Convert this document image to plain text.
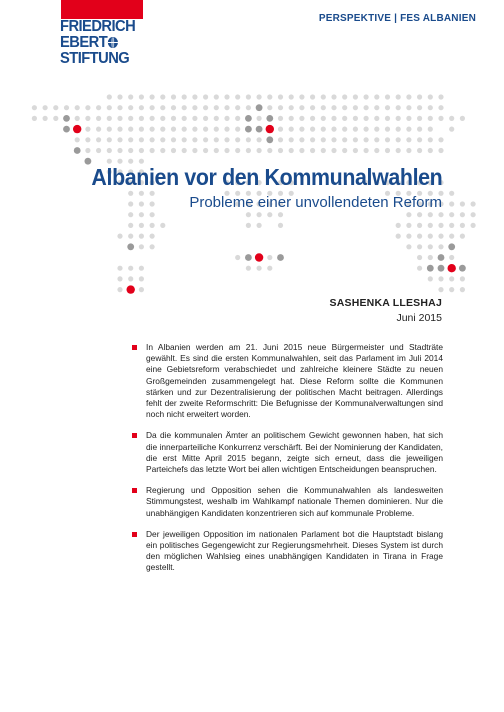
FRIEDRICH
EBERT
STIFTUNG
PERSPEKTIVE | FES ALBANIEN
Albanien vor den Kommunalwahlen
Probleme einer unvollendeten Reform
SASHENKA LLESHAJ
Juni 2015
In Albanien werden am 21. Juni 2015 neue Bürgermeister und Stadträte gewählt. Es sind die ersten Kommunalwahlen, seit das Parlament im Juli 2014 eine Gebietsreform verabschiedet und zahlreiche kleinere Städte zu neuen Großgemeinden zusammengelegt hat. Diese Reform sollte die Kommunen stärken und zur Dezentralisierung der politischen Macht beitragen. Allerdings fehlt der zweite Reformschritt: Die Befugnisse der Kommunalverwaltungen sind noch nicht erweitert worden.
Da die kommunalen Ämter an politischem Gewicht gewonnen haben, hat sich die innerparteiliche Konkurrenz verschärft. Bei der Nominierung der Kandidaten, die erst Mitte April 2015 begann, zeigte sich erneut, dass die jeweiligen Parteichefs das letzte Wort bei allen wichtigen Entscheidungen beanspruchen.
Regierung und Opposition sehen die Kommunalwahlen als landesweiten Stimmungstest, weshalb im Wahlkampf nationale Themen dominieren. Nur die unabhängigen Kandidaten konzentrieren sich auf kommunale Probleme.
Der jeweiligen Opposition im nationalen Parlament bot die Hauptstadt bislang ein politisches Gegengewicht zur Regierungsmehrheit. Dieses System ist durch den möglichen Wahlsieg eines unabhängigen Kandidaten in Tirana in Frage gestellt.
